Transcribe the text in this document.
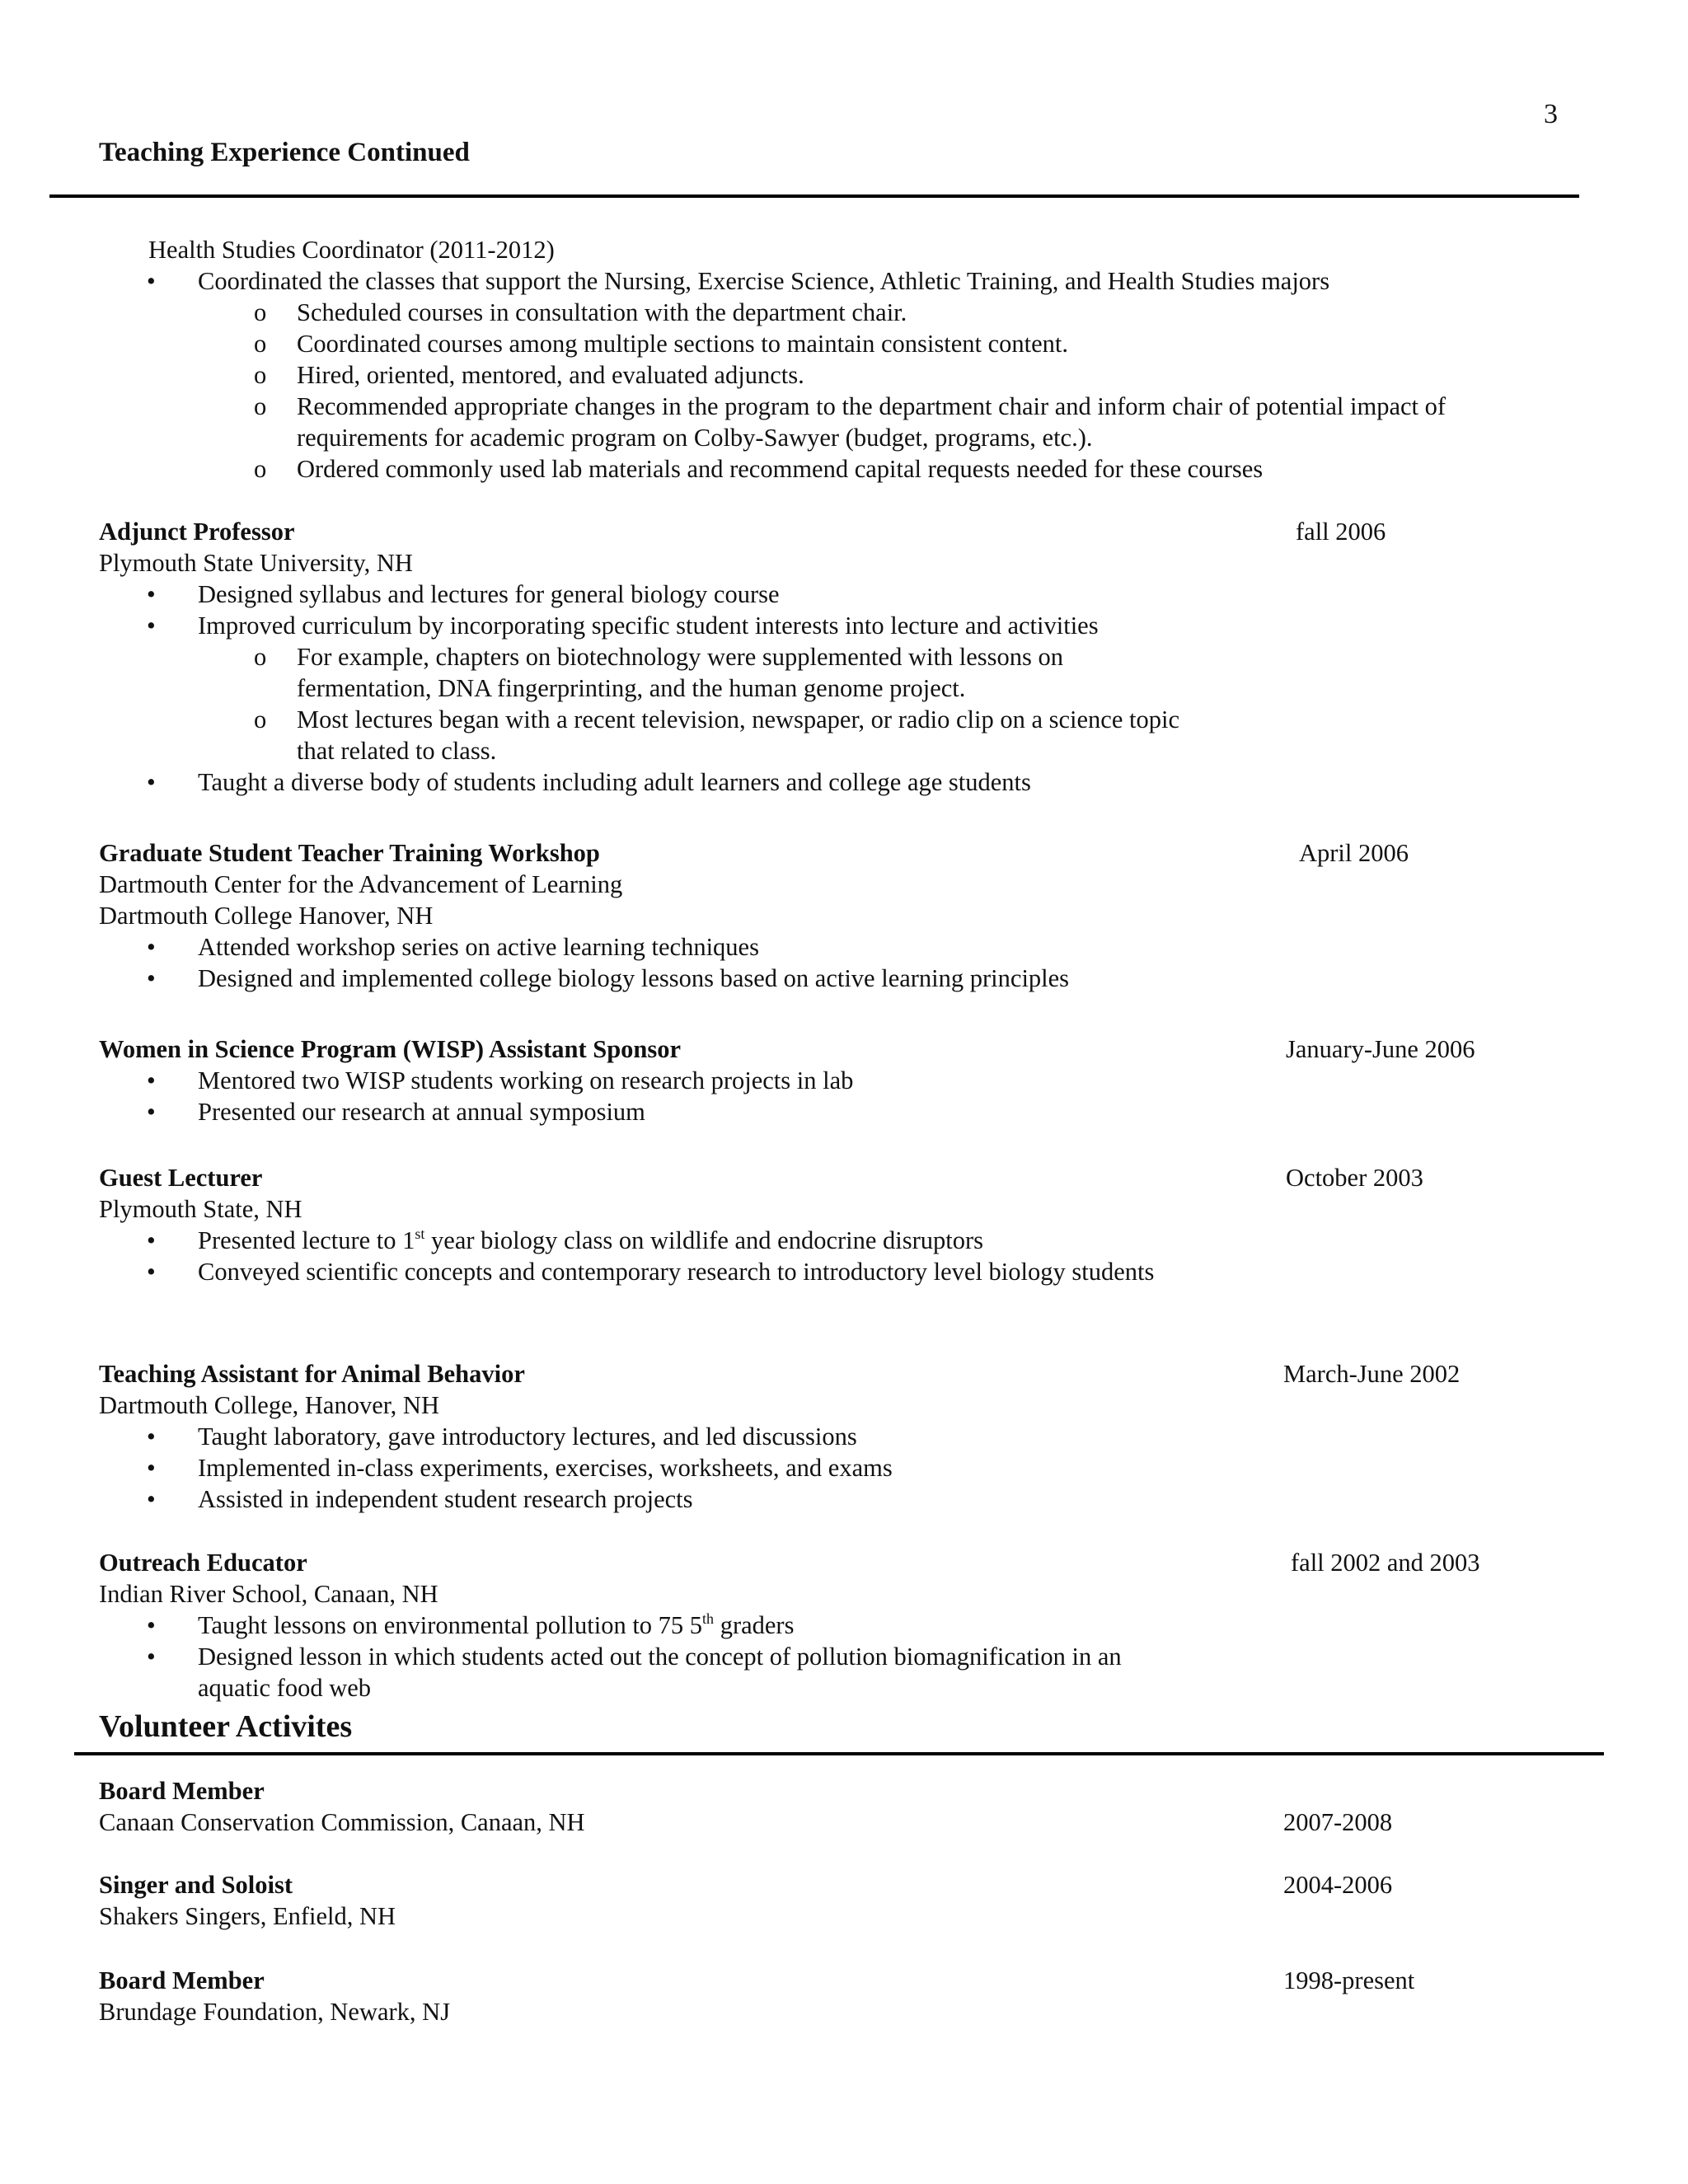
3
Teaching Experience Continued
Health Studies Coordinator (2011-2012)
• Coordinated the classes that support the Nursing, Exercise Science, Athletic Training, and Health Studies majors
o Scheduled courses in consultation with the department chair.
o Coordinated courses among multiple sections to maintain consistent content.
o Hired, oriented, mentored, and evaluated adjuncts.
o Recommended appropriate changes in the program to the department chair and inform chair of potential impact of
requirements for academic program on Colby-Sawyer (budget, programs, etc.).
o Ordered commonly used lab materials and recommend capital requests needed for these courses
Adjunct Professor	fall 2006
Plymouth State University, NH
• Designed syllabus and lectures for general biology course
• Improved curriculum by incorporating specific student interests into lecture and activities
o For example, chapters on biotechnology were supplemented with lessons on
fermentation, DNA fingerprinting, and the human genome project.
o Most lectures began with a recent television, newspaper, or radio clip on a science topic
that related to class.
• Taught a diverse body of students including adult learners and college age students
Graduate Student Teacher Training Workshop	April 2006
Dartmouth Center for the Advancement of Learning
Dartmouth College Hanover, NH
• Attended workshop series on active learning techniques
• Designed and implemented college biology lessons based on active learning principles
Women in Science Program (WISP) Assistant Sponsor	January-June 2006
• Mentored two WISP students working on research projects in lab
• Presented our research at annual symposium
Guest Lecturer	October 2003
Plymouth State, NH
• Presented lecture to 1st year biology class on wildlife and endocrine disruptors
• Conveyed scientific concepts and contemporary research to introductory level biology students
Teaching Assistant for Animal Behavior	March-June 2002
Dartmouth College, Hanover, NH
• Taught laboratory, gave introductory lectures, and led discussions
• Implemented in-class experiments, exercises, worksheets, and exams
• Assisted in independent student research projects
Outreach Educator	fall 2002 and 2003
Indian River School, Canaan, NH
• Taught lessons on environmental pollution to 75 5th graders
• Designed lesson in which students acted out the concept of pollution biomagnification in an
aquatic food web
Volunteer Activites
Board Member
Canaan Conservation Commission, Canaan, NH	2007-2008
Singer and Soloist	2004-2006
Shakers Singers, Enfield, NH
Board Member	1998-present
Brundage Foundation, Newark, NJ
